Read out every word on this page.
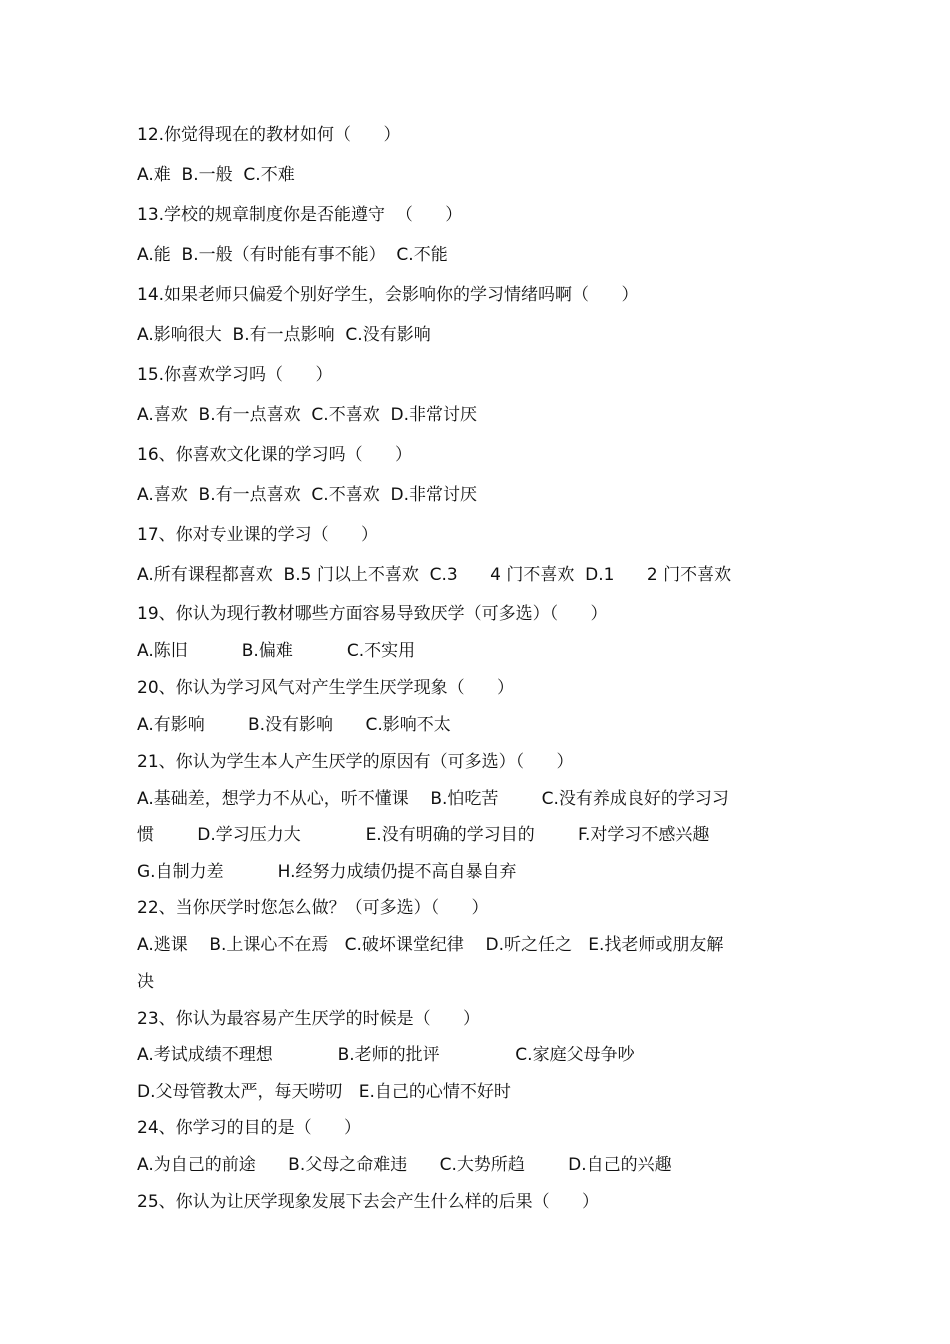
12.你觉得现在的教材如何（      ）
A.难  B.一般  C.不难
13.学校的规章制度你是否能遵守  （      ）
A.能  B.一般（有时能有事不能）  C.不能
14.如果老师只偏爱个别好学生，会影响你的学习情绪吗啊（      ）
A.影响很大  B.有一点影响  C.没有影响
15.你喜欢学习吗（      ）
A.喜欢  B.有一点喜欢  C.不喜欢  D.非常讨厌
16、你喜欢文化课的学习吗（      ）
A.喜欢  B.有一点喜欢  C.不喜欢  D.非常讨厌
17、你对专业课的学习（      ）
A.所有课程都喜欢  B.5 门以上不喜欢  C.3      4 门不喜欢  D.1      2 门不喜欢
19、你认为现行教材哪些方面容易导致厌学（可多选）（      ）
A.陈旧          B.偏难          C.不实用
20、你认为学习风气对产生学生厌学现象（      ）
A.有影响        B.没有影响      C.影响不太
21、你认为学生本人产生厌学的原因有（可多选）（      ）
A.基础差，想学力不从心，听不懂课    B.怕吃苦        C.没有养成良好的学习习
惯        D.学习压力大            E.没有明确的学习目的        F.对学习不感兴趣
G.自制力差          H.经努力成绩仍提不高自暴自弃
22、当你厌学时您怎么做？（可多选）（      ）
A.逃课    B.上课心不在焉   C.破坏课堂纪律    D.听之任之   E.找老师或朋友解
决
23、你认为最容易产生厌学的时候是（      ）
A.考试成绩不理想            B.老师的批评              C.家庭父母争吵
D.父母管教太严，每天唠叨   E.自己的心情不好时
24、你学习的目的是（      ）
A.为自己的前途      B.父母之命难违      C.大势所趋        D.自己的兴趣
25、你认为让厌学现象发展下去会产生什么样的后果（      ）
